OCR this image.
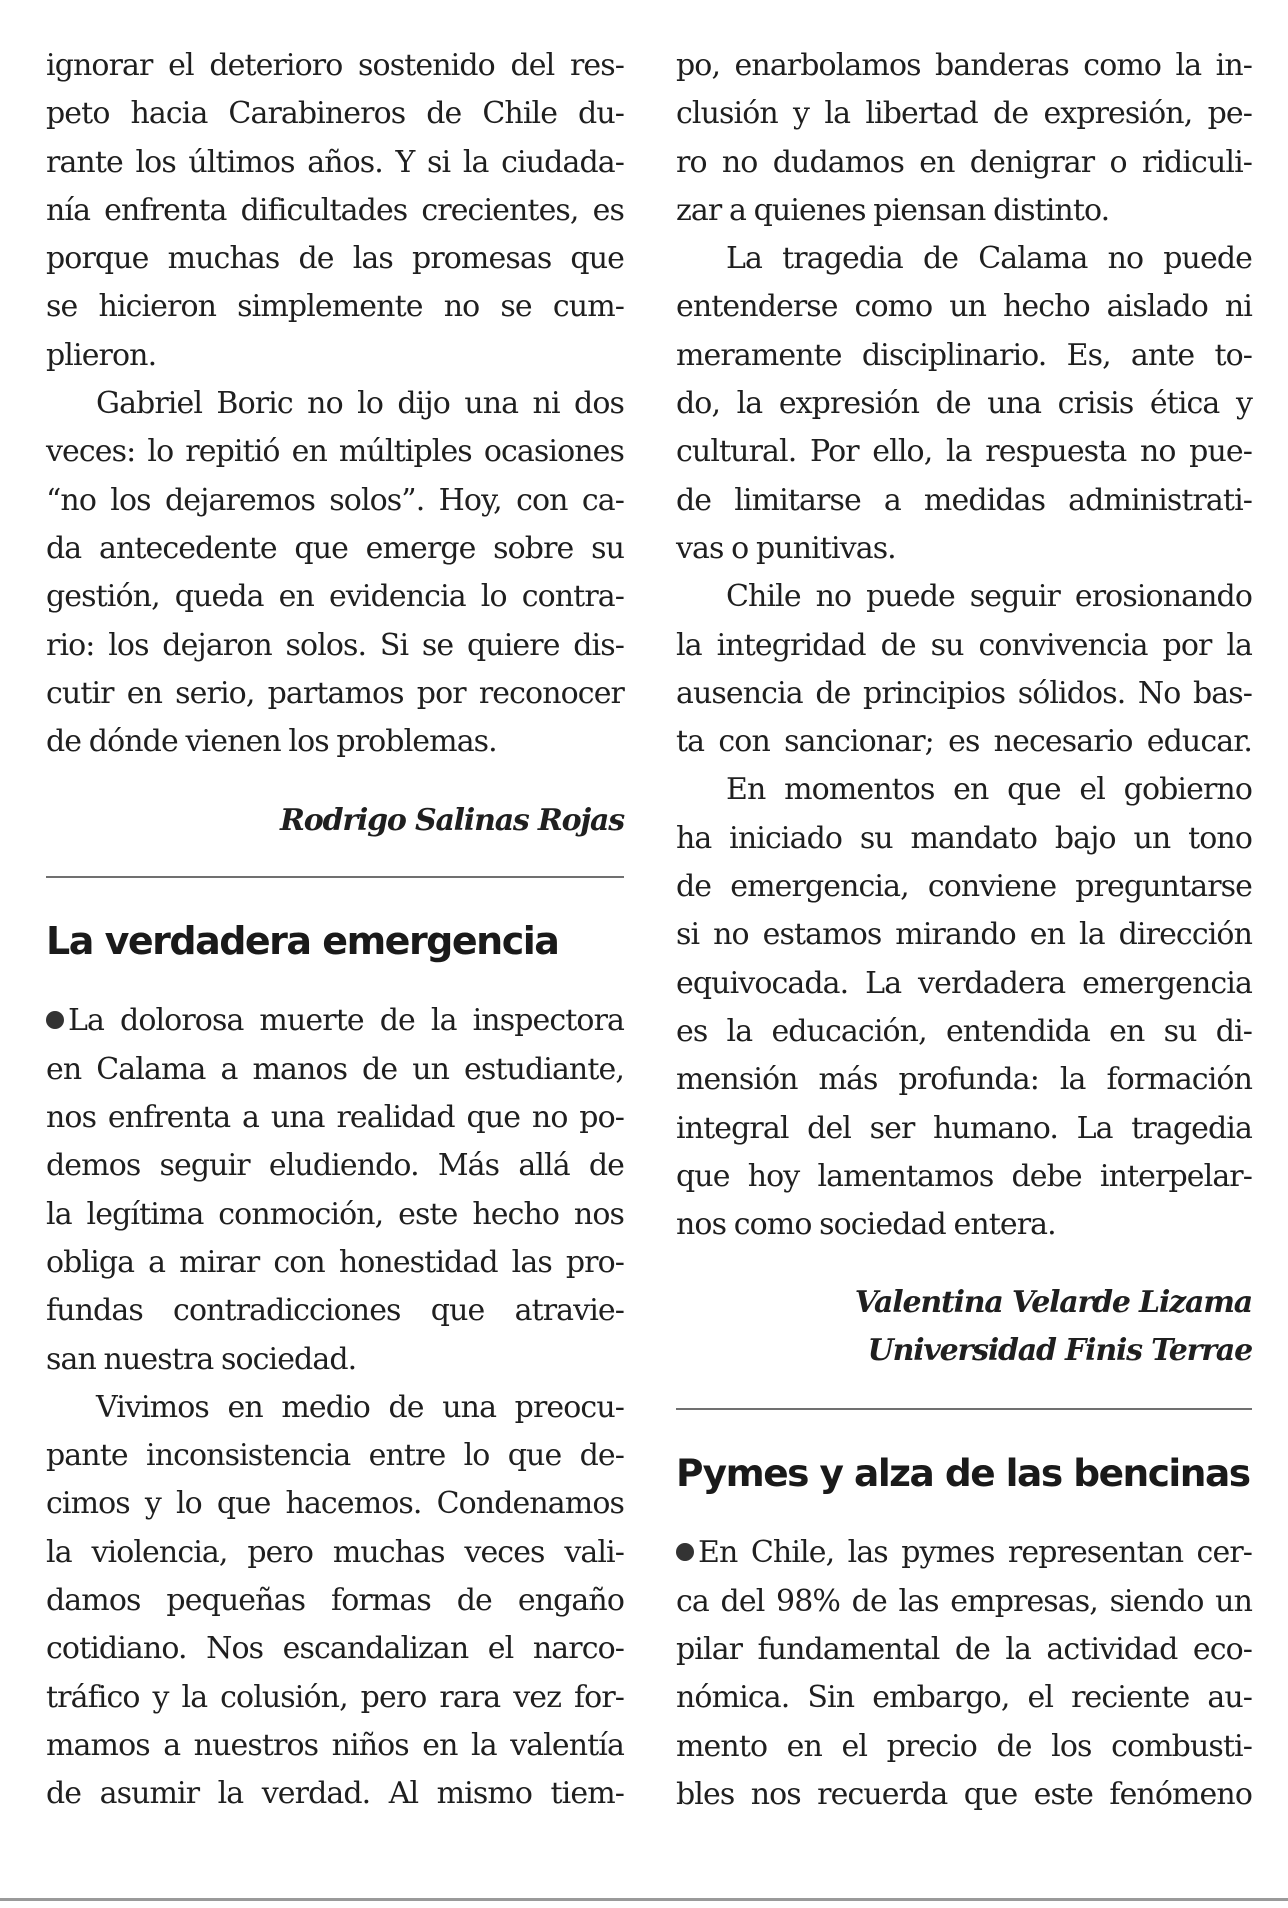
ignorar el deterioro sostenido del res-
peto hacia Carabineros de Chile du-
rante los últimos años. Y si la ciudada-
nía enfrenta dificultades crecientes, es
porque muchas de las promesas que
se hicieron simplemente no se cum-
plieron.
Gabriel Boric no lo dijo una ni dos
veces: lo repitió en múltiples ocasiones
“no los dejaremos solos”. Hoy, con ca-
da antecedente que emerge sobre su
gestión, queda en evidencia lo contra-
rio: los dejaron solos. Si se quiere dis-
cutir en serio, partamos por reconocer
de dónde vienen los problemas.
Rodrigo Salinas Rojas
La verdadera emergencia
La dolorosa muerte de la inspectora
en Calama a manos de un estudiante,
nos enfrenta a una realidad que no po-
demos seguir eludiendo. Más allá de
la legítima conmoción, este hecho nos
obliga a mirar con honestidad las pro-
fundas contradicciones que atravie-
san nuestra sociedad.
Vivimos en medio de una preocu-
pante inconsistencia entre lo que de-
cimos y lo que hacemos. Condenamos
la violencia, pero muchas veces vali-
damos pequeñas formas de engaño
cotidiano. Nos escandalizan el narco-
tráfico y la colusión, pero rara vez for-
mamos a nuestros niños en la valentía
de asumir la verdad. Al mismo tiem-
po, enarbolamos banderas como la in-
clusión y la libertad de expresión, pe-
ro no dudamos en denigrar o ridiculi-
zar a quienes piensan distinto.
La tragedia de Calama no puede
entenderse como un hecho aislado ni
meramente disciplinario. Es, ante to-
do, la expresión de una crisis ética y
cultural. Por ello, la respuesta no pue-
de limitarse a medidas administrati-
vas o punitivas.
Chile no puede seguir erosionando
la integridad de su convivencia por la
ausencia de principios sólidos. No bas-
ta con sancionar; es necesario educar.
En momentos en que el gobierno
ha iniciado su mandato bajo un tono
de emergencia, conviene preguntarse
si no estamos mirando en la dirección
equivocada. La verdadera emergencia
es la educación, entendida en su di-
mensión más profunda: la formación
integral del ser humano. La tragedia
que hoy lamentamos debe interpelar-
nos como sociedad entera.
Valentina Velarde Lizama
Universidad Finis Terrae
Pymes y alza de las bencinas
En Chile, las pymes representan cer-
ca del 98% de las empresas, siendo un
pilar fundamental de la actividad eco-
nómica. Sin embargo, el reciente au-
mento en el precio de los combusti-
bles nos recuerda que este fenómeno
